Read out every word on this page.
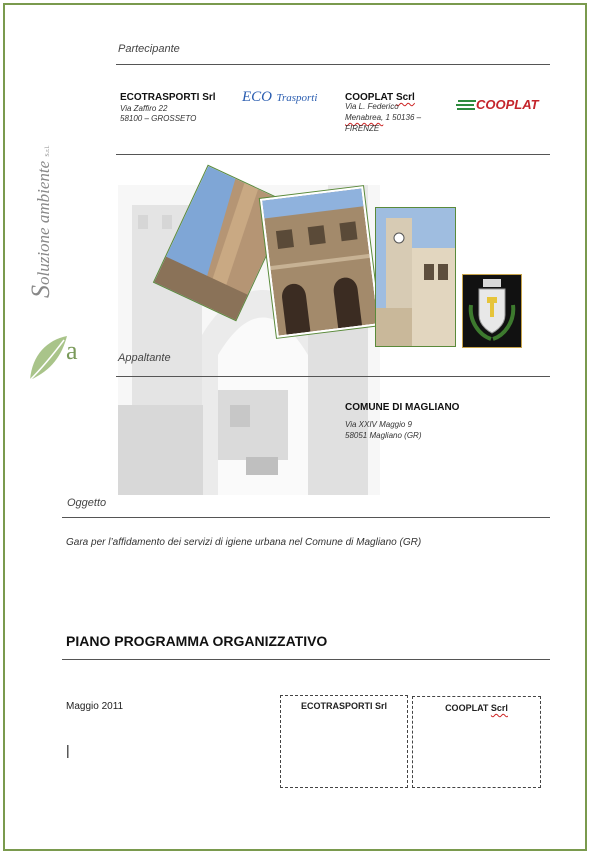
Soluzione ambiente S.r.l.
a
Partecipante
ECOTRASPORTI Srl
Via Zaffiro 22
58100 – GROSSETO
ECO Trasporti	COOPLAT Scrl
Via L. Federico
Menabrea, 1 50136 –
FIRENZE
COOPLAT
Appaltante
COMUNE DI MAGLIANO
Via XXIV Maggio 9
58051 Magliano (GR)
Oggetto
Gara per l’affidamento dei servizi di igiene urbana nel Comune di Magliano (GR)
PIANO PROGRAMMA ORGANIZZATIVO
Maggio 2011
|
ECOTRASPORTI Srl	COOPLAT Scrl
